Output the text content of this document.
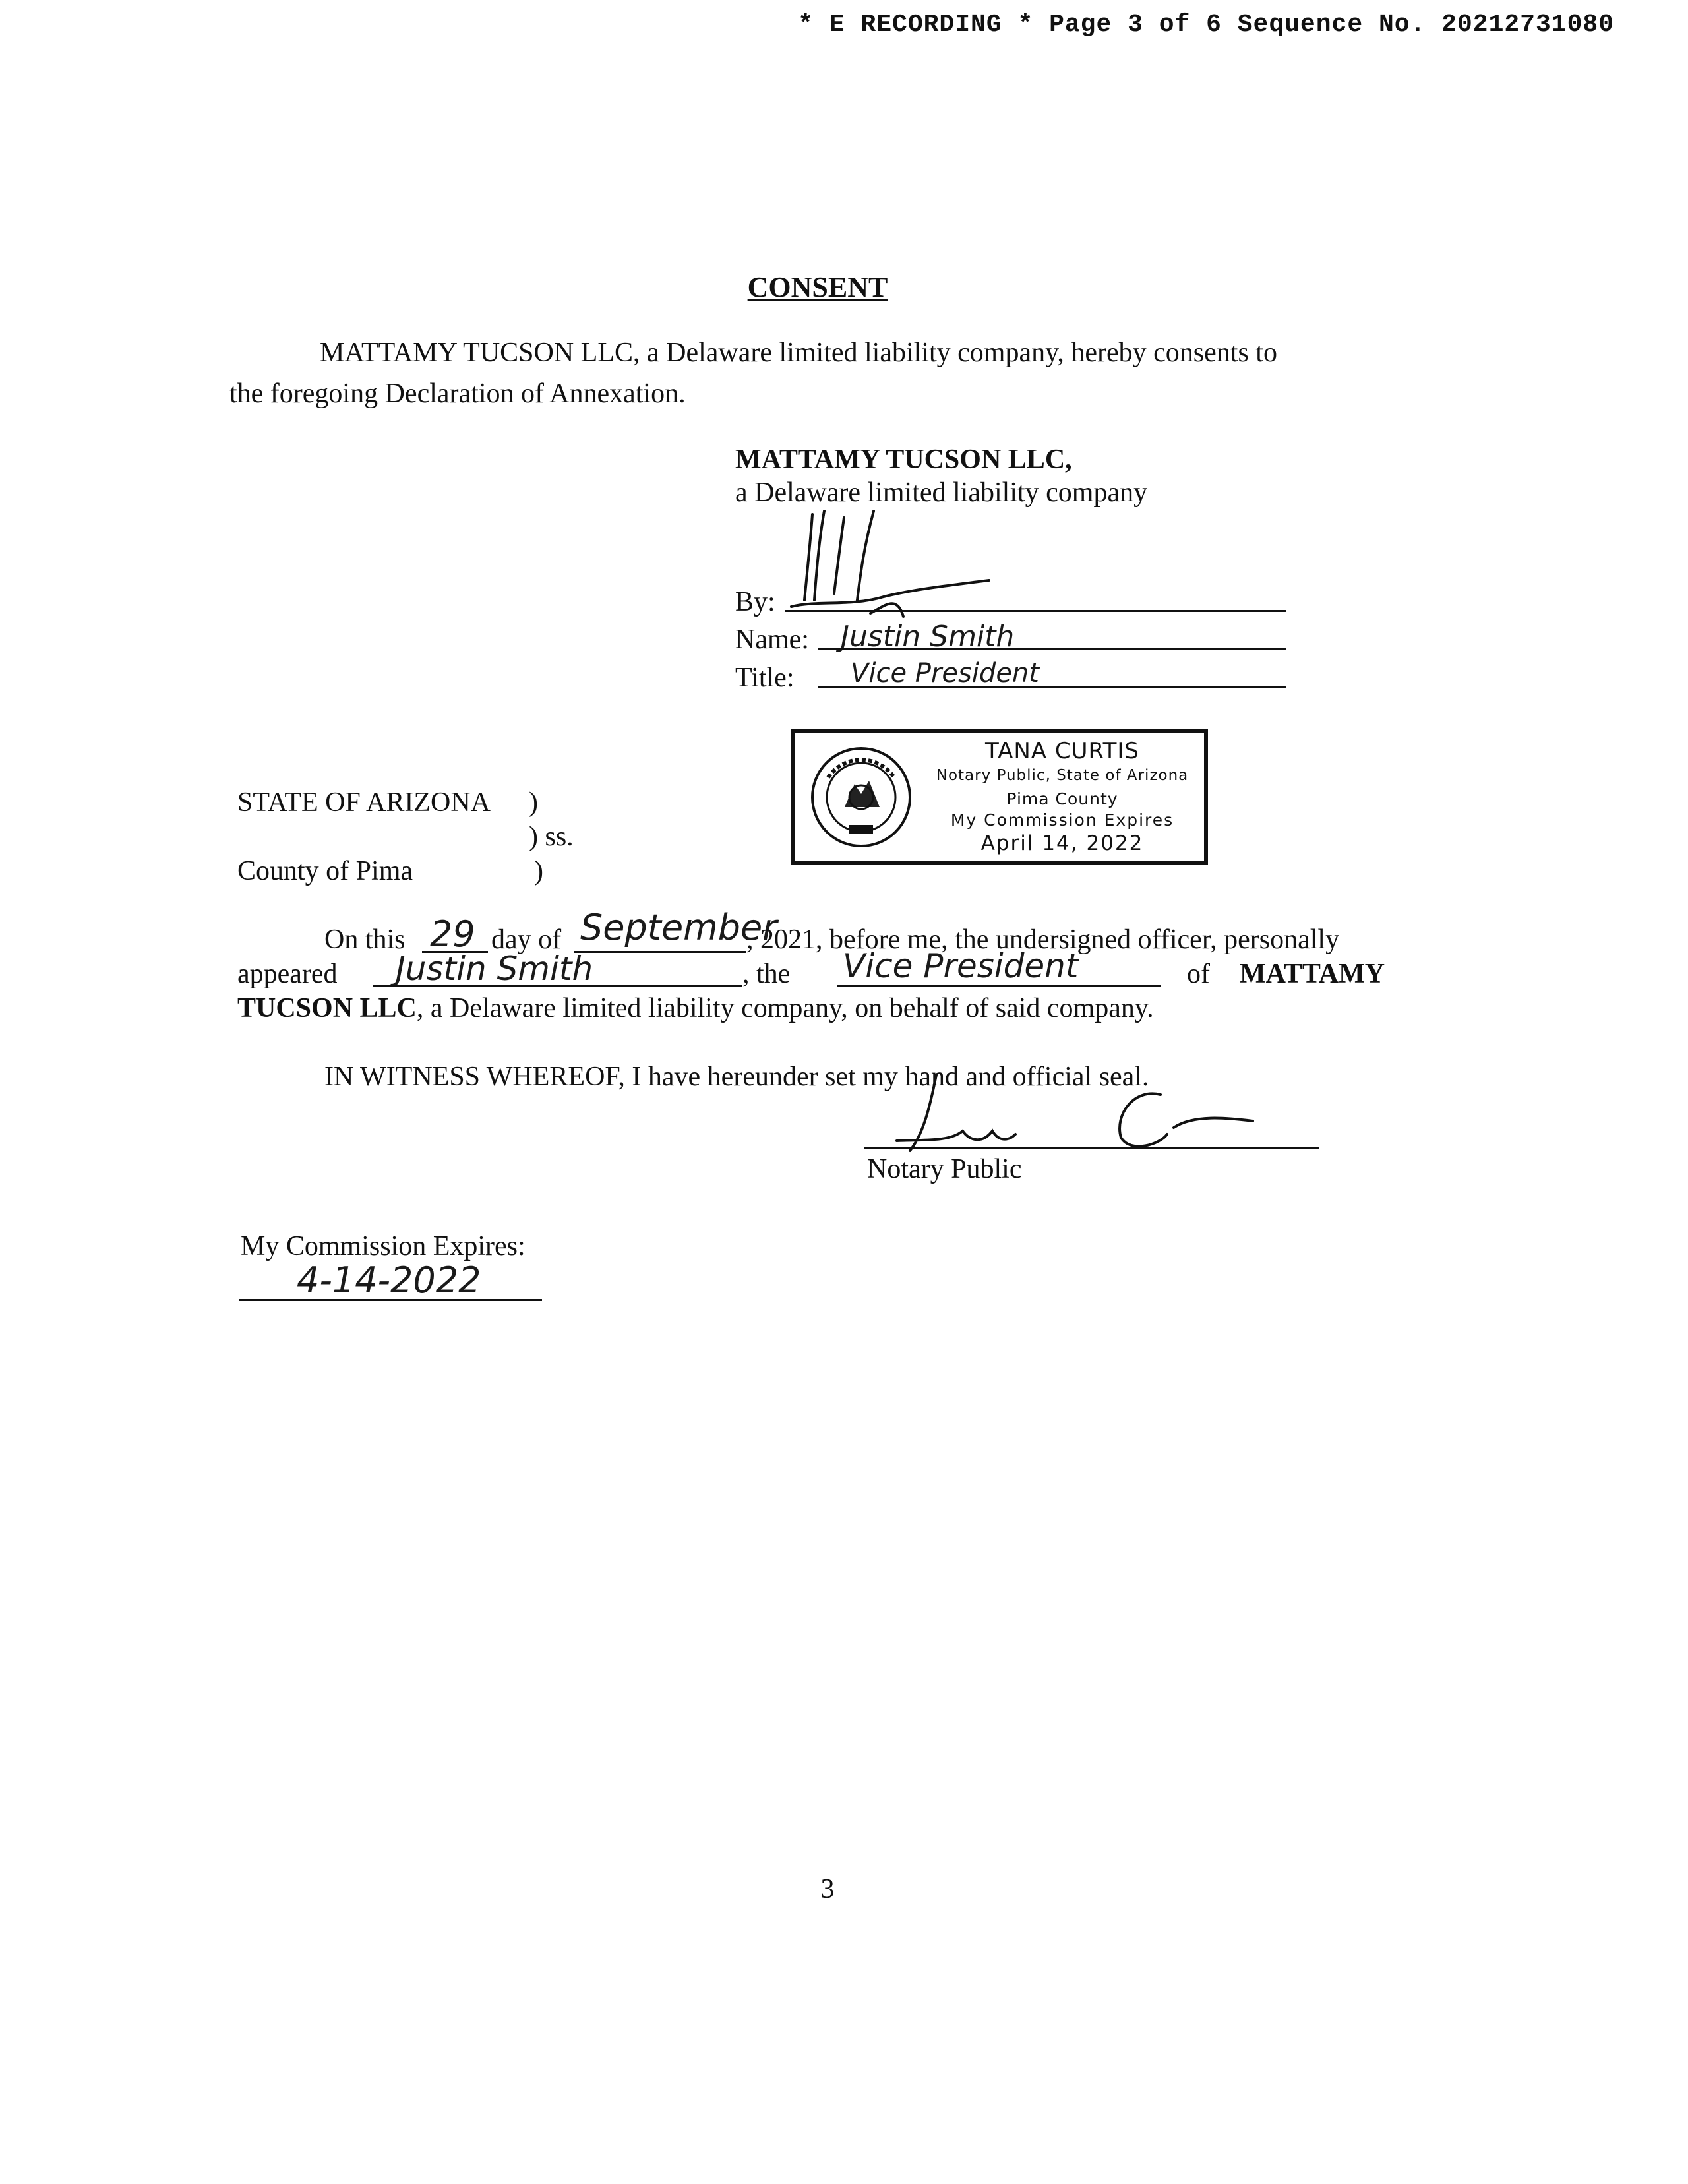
* E RECORDING * Page 3 of 6 Sequence No. 20212731080
CONSENT
MATTAMY TUCSON LLC, a Delaware limited liability company, hereby consents to
the foregoing Declaration of Annexation.
MATTAMY TUCSON LLC,
a Delaware limited liability company
By:
Name: Justin Smith
Title: Vice President
TANA CURTIS
Notary Public, State of Arizona
Pima County
My Commission Expires
April 14, 2022
STATE OF ARIZONA )
) ss.
County of Pima	)
On this 29 day of September
, 2021, before me, the undersigned officer, personally
appeared Justin Smith	, the Vice President	of MATTAMY
TUCSON LLC, a Delaware limited liability company, on behalf of said company.
IN WITNESS WHEREOF, I have hereunder set my hand and official seal.
Notary Public
My Commission Expires:
4-14-2022
3
